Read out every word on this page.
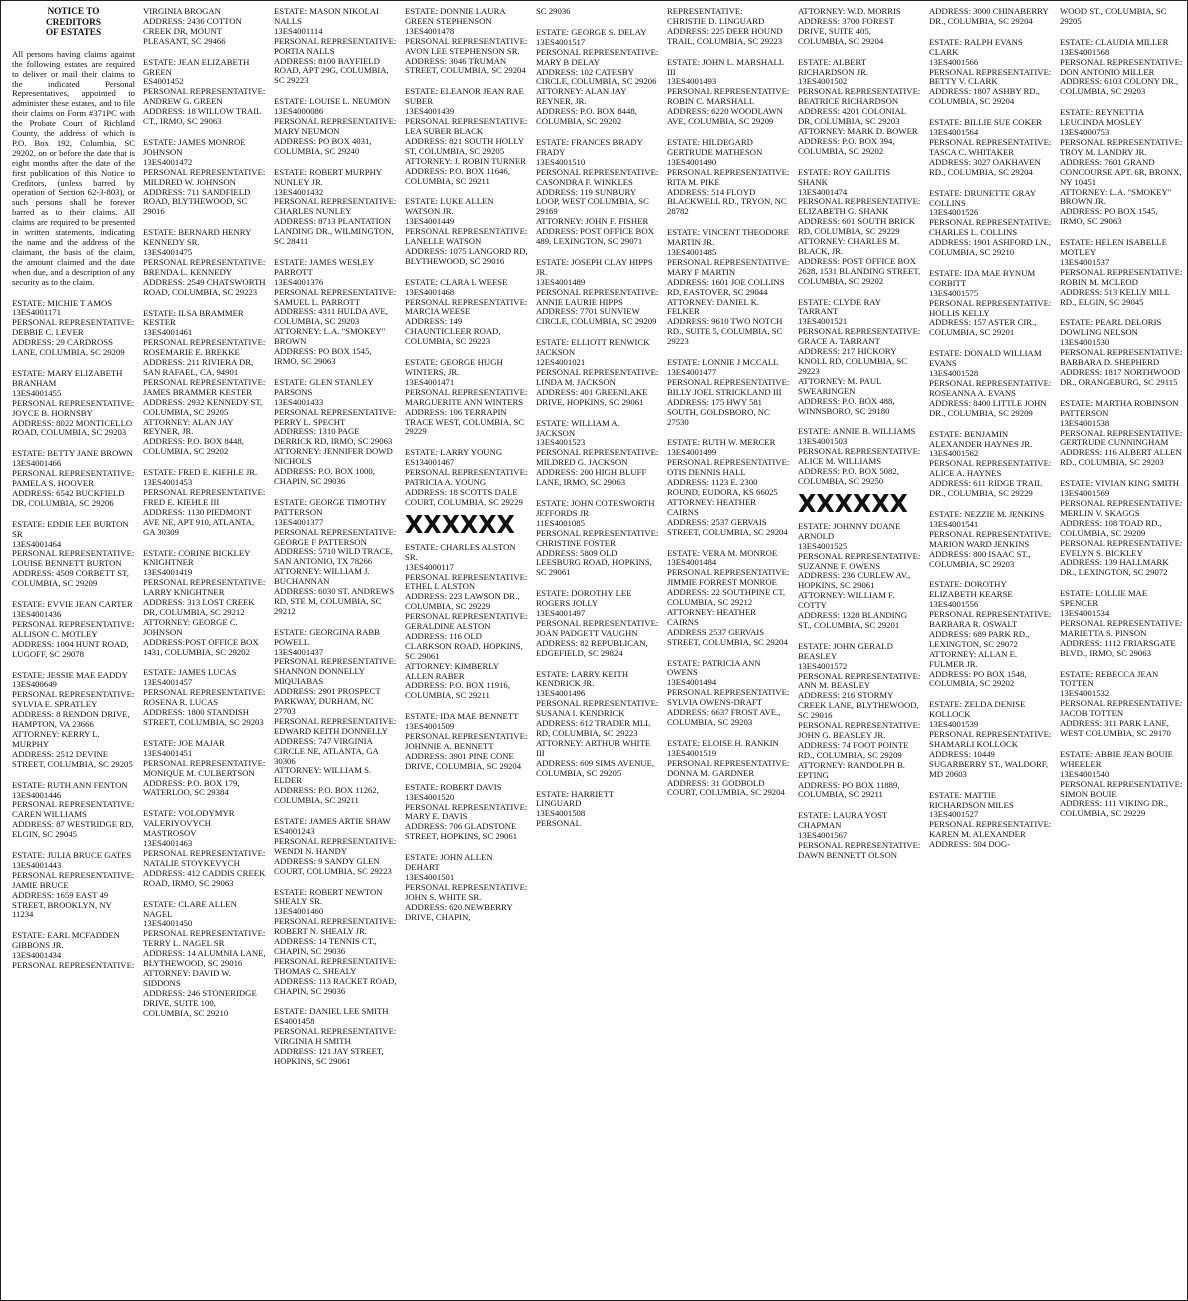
NOTICE TO
CREDITORS
OF ESTATES
All persons having claims against the following estates are required to deliver or mail their claims to the indicated Personal Representatives, appointed to administer these estates, and to file their claims on Form #371PC with the Probate Court of Richland County, the address of which is P.O. Box 192, Columbia, SC 29202, on or before the date that is eight months after the date of the first publication of this Notice to Creditors, (unless barred by operation of Section 62-3-803), or such persons shall be forever barred as to their claims. All claims are required to be presented in written statements, indicating the name and the address of the claimant, the basis of the claim, the amount claimed and the date when due, and a description of any security as to the claim.
ESTATE: MICHIE T AMOS
13ES4001171
PERSONAL REPRESENTATIVE:
DEBBIE C. LEVER
ADDRESS: 29 CARDROSS LANE, COLUMBIA, SC 29209
ESTATE: MARY ELIZABETH BRANHAM
13ES4001455
PERSONAL REPRESENTATIVE:
JOYCE B. HORNSBY
ADDRESS: 8022 MONTICELLO ROAD, COLUMBIA, SC 29203
ESTATE: BETTY JANE BROWN
13ES4001466
PERSONAL REPRESENTATIVE:
PAMELA S. HOOVER
ADDRESS: 6542 BUCKFIELD DR, COLUMBIA, SC 29206
ESTATE: EDDIE LEE BURTON SR
13ES4001464
PERSONAL REPRESENTATIVE:
LOUISE BENNETT BURTON
ADDRESS: 4509 CORBETT ST, COLUMBIA, SC 29209
ESTATE: EVVIE JEAN CARTER
13ES4001436
PERSONAL REPRESENTATIVE:
ALLISON C. MOTLEY
ADDRESS: 1004 HUNT ROAD, LUGOFF, SC 29078
ESTATE: JESSIE MAE EADDY
13ES400649
PERSONAL REPRESENTATIVE:
SYLVIA E. SPRATLEY
ADDRESS: 8 RENDON DRIVE, HAMPTON, VA 23666
ATTORNEY: KERRY L. MURPHY
ADDRESS: 2512 DEVINE STREET, COLUMBIA, SC 29205
ESTATE: RUTH ANN FENTON
13ES4001446
PERSONAL REPRESENTATIVE:
CAREN WILLIAMS
ADDRESS: 87 WESTRIDGE RD, ELGIN, SC 29045
ESTATE: JULIA BRUCE GATES
13ES4001443
PERSONAL REPRESENTATIVE:
JAMIE BRUCE
ADDRESS: 1659 EAST 49 STREET, BROOKLYN, NY 11234
ESTATE: EARL MCFADDEN GIBBONS JR.
13ES4001434
PERSONAL REPRESENTATIVE:
VIRGINIA BROGAN
ADDRESS: 2436 COTTON CREEK DR, MOUNT PLEASANT, SC 29466
ESTATE: JEAN ELIZABETH GREEN
ES4001452
PERSONAL REPRESENTATIVE:
ANDREW G. GREEN
ADDRESS: 18 WILLOW TRAIL CT., IRMO, SC 29063
ESTATE: JAMES MONROE JOHNSON
13ES4001472
PERSONAL REPRESENTATIVE:
MILDRED W. JOHNSON
ADDRESS: 711 SANDFIELD ROAD, BLYTHEWOOD, SC 29016
ESTATE: BERNARD HENRY KENNEDY SR.
13ES4001475
PERSONAL REPRESENTATIVE:
BRENDA L. KENNEDY
ADDRESS: 2549 CHATSWORTH ROAD, COLUMBIA, SC 29223
ESTATE: ILSA BRAMMER KESTER
13ES4001461
PERSONAL REPRESENTATIVE:
ROSEMARIE E. BREKKE
ADDRESS: 211 RIVIERA DR, SAN RAFAEL, CA, 94901
PERSONAL REPRESENTATIVE:
JAMES BRAMMER KESTER
ADDRESS: 2932 KENNEDY ST, COLUMBIA, SC 29205
ATTORNEY: ALAN JAY REYNER, JR.
ADDRESS: P.O. BOX 8448, COLUMBIA, SC 29202
ESTATE: FRED E. KIEHLE JR.
13ES4001453
PERSONAL REPRESENTATIVE:
FRED E. KIEHLE III
ADDRESS: 1130 PIEDMONT AVE NE, APT 910, ATLANTA, GA 30309
ESTATE: CORINE BICKLEY KNIGHTNER
13ES4001419
PERSONAL REPRESENTATIVE:
LARRY KNIGHTNER
ADDRESS: 313 LOST CREEK DR, COLUMBIA, SC 29212
ATTORNEY: GEORGE C. JOHNSON
ADDRESS:POST OFFICE BOX 1431, COLUMBIA, SC 29202
ESTATE: JAMES LUCAS
13ES4001457
PERSONAL REPRESENTATIVE:
ROSENA R. LUCAS
ADDRESS: 1800 STANDISH STREET, COLUMBIA, SC 29203
ESTATE: JOE MAJAR
13ES4001451
PERSONAL REPRESENTATIVE:
MONIQUE M. CULBERTSON
ADDRESS: P.O. BOX 179, WATERLOO, SC 29384
ESTATE: VOLODYMYR VALERIYOVYCH MASTROSOV
13ES4001463
PERSONAL REPRESENTATIVE:
NATALIE STOYKEVYCH
ADDRESS: 412 CADDIS CREEK ROAD, IRMO, SC 29063
ESTATE: CLARE ALLEN NAGEL
13ES4001450
PERSONAL REPRESENTATIVE:
TERRY L. NAGEL SR
ADDRESS: 14 ALUMNIA LANE, BLYTHEWOOD, SC 29016
ATTORNEY: DAVID W. SIDDONS
ADDRESS: 246 STONERIDGE DRIVE, SUITE 100, COLUMBIA, SC 29210
ESTATE: MASON NIKOLAI NALLS
13ES4001114
PERSONAL REPRESENTATIVE:
PORTIA NALLS
ADDRESS: 8100 BAYFIELD ROAD, APT 29G, COLUMBIA, SC 29223
ESTATE: LOUISE L. NEUMON
13ES4000086
PERSONAL REPRESENTATIVE:
MARY NEUMON
ADDRESS: PO BOX 4031, COLUMBIA, SC 29240
ESTATE: ROBERT MURPHY NUNLEY JR.
13ES4001432
PERSONAL REPRESENTATIVE:
CHARLES NUNLEY
ADDRESS: 8713 PLANTATION LANDING DR., WILMINGTON, SC 28411
ESTATE: JAMES WESLEY PARROTT
13ES4001376
PERSONAL REPRESENTATIVE:
SAMUEL L. PARROTT
ADDRESS: 4311 HULDA AVE, COLUMBIA, SC 29203
ATTORNEY: L.A. "SMOKEY" BROWN
ADDRESS: PO BOX 1545, IRMO, SC 29063
ESTATE: GLEN STANLEY PARSONS
13ES4001433
PERSONAL REPRESENTATIVE:
PERRY L. SPECHT
ADDRESS: 1310 PAGE DERRICK RD, IRMO, SC 29063
ATTORNEY: JENNIFER DOWD NICHOLS
ADDRESS: P.O. BOX 1000, CHAPIN, SC 29036
ESTATE: GEORGE TIMOTHY PATTERSON
13ES4001377
PERSONAL REPRESENTATIVE:
GEORGE F PATTERSON
ADDRESS: 5710 WILD TRACE, SAN ANTONIO, TX 78266
ATTORNEY: WILLIAM J. BUCHANNAN
ADDRESS: 6030 ST. ANDREWS RD, STE M, COLUMBIA, SC 29212
ESTATE: GEORGINA RABB POWELL
13ES4001437
PERSONAL REPRESENTATIVE:
SHANNON DONNELLY MIQUIABAS
ADDRESS: 2901 PROSPECT PARKWAY, DURHAM, NC 27703
PERSONAL REPRESENTATIVE:
EDWARD KEITH DONNELLY
ADDRESS: 747 VIRGINIA CIRCLE NE, ATLANTA, GA 30306
ATTORNEY: WILLIAM S. ELDER
ADDRESS: P.O. BOX 11262, COLUMBIA, SC 29211
ESTATE: JAMES ARTIE SHAW
ES4001243
PERSONAL REPRESENTATIVE:
WENDI N. HANDY
ADDRESS: 9 SANDY GLEN COURT, COLUMBIA, SC 29223
ESTATE: ROBERT NEWTON SHEALY SR.
13ES4001460
PERSONAL REPRESENTATIVE:
ROBERT N. SHEALY JR.
ADDRESS: 14 TENNIS CT., CHAPIN, SC 29036
PERSONAL REPRESENTATIVE:
THOMAS C. SHEALY
ADDRESS: 113 RACKET ROAD, CHAPIN, SC 29036
ESTATE: DANIEL LEE SMITH
ES4001458
PERSONAL REPRESENTATIVE:
VIRGINIA H SMITH
ADDRESS: 121 JAY STREET, HOPKINS, SC 29061
ESTATE: DONNIE LAURA GREEN STEPHENSON
13ES4001478
PERSONAL REPRESENTATIVE:
AVON LEE STEPHENSON SR.
ADDRESS: 3046 TRUMAN STREET, COLUMBIA, SC 29204
ESTATE: ELEANOR JEAN RAE SUBER
13ES4001439
PERSONAL REPRESENTATIVE:
LEA SUBER BLACK
ADDRESS: 821 SOUTH HOLLY ST, COLUMBIA, SC 29205
ATTORNEY: J. ROBIN TURNER
ADDRESS: P.O. BOX 11646, COLUMBIA, SC 29211
ESTATE: LUKE ALLEN WATSON JR.
13ES4001449
PERSONAL REPRESENTATIVE:
LANELLE WATSON
ADDRESS: 1075 LANGORD RD, BLYTHEWOOD, SC 29016
ESTATE: CLARA I. WEESE
13ES4001468
PERSONAL REPRESENTATIVE:
MARCIA WEESE
ADDRESS: 149 CHAUNTICLEER ROAD, COLUMBIA, SC 29223
ESTATE: GEORGE HUGH WINTERS, JR.
13ES4001471
PERSONAL REPRESENTATIVE:
MARGUERITE ANN WINTERS
ADDRESS: 106 TERRAPIN TRACE WEST, COLUMBIA, SC 29229
ESTATE: LARRY YOUNG
ES134001467
PERSONAL REPRESENTATIVE:
PATRICIA A. YOUNG
ADDRESS: 18 SCOTTS DALE COURT, COLUMBIA, SC 29229
XXXXXX
ESTATE: CHARLES ALSTON SR.
13ES4000117
PERSONAL REPRESENTATIVE:
ETHEL L ALSTON
ADDRESS: 223 LAWSON DR., COLUMBIA, SC 29229
PERSONAL REPRESENTATIVE:
GERALDINE ALSTON
ADDRESS: 116 OLD CLARKSON ROAD, HOPKINS, SC 29061
ATTORNEY: KIMBERLY ALLEN RABER
ADDRESS: P.O. BOX 11916, COLUMBIA, SC 29211
ESTATE: IDA MAE BENNETT
13ES4001509
PERSONAL REPRESENTATIVE:
JOHNNIE A. BENNETT
ADDRESS: 3901 PINE CONE DRIVE, COLUMBIA, SC 29204
ESTATE: ROBERT DAVIS
13ES4001520
PERSONAL REPRESENTATIVE:
MARY E. DAVIS
ADDRESS: 706 GLADSTONE STREET, HOPKINS, SC 29061
ESTATE: JOHN ALLEN DEHART
13ES4001501
PERSONAL REPRESENTATIVE:
JOHN S. WHITE SR.
ADDRESS: 620 NEWBERRY DRIVE, CHAPIN,
SC 29036
ESTATE: GEORGE S. DELAY
13ES4001517
PERSONAL REPRESENTATIVE:
MARY B DELAY
ADDRESS: 102 CATESBY CIRCLE, COLUMBIA, SC 29206
ATTORNEY: ALAN JAY REYNER, JR.
ADDRESS: P.O. BOX 8448, COLUMBIA, SC 29202
ESTATE: FRANCES BRADY FRADY
13ES4001510
PERSONAL REPRESENTATIVE:
CASONDRA F. WINKLES
ADDRESS: 119 SUNBURY LOOP, WEST COLUMBIA, SC 29169
ATTORNEY: JOHN F. FISHER
ADDRESS: POST OFFICE BOX 489, LEXINGTON, SC 29071
ESTATE: JOSEPH CLAY HIPPS JR.
13ES4001489
PERSONAL REPRESENTATIVE:
ANNIE LAURIE HIPPS
ADDRESS: 7701 SUNVIEW CIRCLE, COLUMBIA, SC 29209
ESTATE: ELLIOTT RENWICK JACKSON
12ES4001021
PERSONAL REPRESENTATIVE:
LINDA M. JACKSON
ADDRESS: 401 GREENLAKE DRIVE, HOPKINS, SC 29061
ESTATE: WILLIAM A. JACKSON
13ES4001523
PERSONAL REPRESENTATIVE:
MILDRED G. JACKSON
ADDRESS: 200 HIGH BLUFF LANE, IRMO, SC 29063
ESTATE: JOHN COTESWORTH JEFFORDS JR
11ES4001085
PERSONAL REPRESENTATIVE:
CHRISTINE FOSTER
ADDRESS: 5809 OLD LEESBURG ROAD, HOPKINS, SC 29061
ESTATE: DOROTHY LEE ROGERS JOLLY
13ES4001497
PERSONAL REPRESENTATIVE:
JOAN PADGETT VAUGHN
ADDRESS: 82 REPUBLICAN, EDGEFIELD, SC 29824
ESTATE: LARRY KEITH KENDRICK JR.
13ES4001496
PERSONAL REPRESENTATIVE:
SUSANA I. KENDRICK
ADDRESS: 612 TRADER MLL RD, COLUMBIA, SC 29223
ATTORNEY: ARTHUR WHITE III
ADDRESS: 609 SIMS AVENUE, COLUMBIA, SC 29205
ESTATE: HARRIETT LINGUARD
13ES4001508
PERSONAL
REPRESENTATIVE:
CHRISTIE D. LINGUARD
ADDRESS: 225 DEER HOUND TRAIL, COLUMBIA, SC 29223
ESTATE: JOHN L. MARSHALL III
13ES4001493
PERSONAL REPRESENTATIVE:
ROBIN C. MARSHALL
ADDRESS: 6220 WOODLAWN AVE, COLUMBIA, SC 29209
ESTATE: HILDEGARD GERTRUDE MATHESON
13ES4001490
PERSONAL REPRESENTATIVE:
RITA M. PIKE
ADDRESS: 514 FLOYD BLACKWELL RD., TRYON, NC 28782
ESTATE: VINCENT THEODORE MARTIN JR.
13ES4001485
PERSONAL REPRESENTATIVE:
MARY F MARTIN
ADDRESS: 1601 JOE COLLINS RD, EASTOVER, SC 29044
ATTORNEY: DANIEL K. FELKER
ADDRESS: 9610 TWO NOTCH RD., SUITE 5, COLUMBIA, SC 29223
ESTATE: LONNIE J MCCALL
13ES4001477
PERSONAL REPRESENTATIVE:
BILLY JOEL STRICKLAND III
ADDRESS: 175 HWY 581 SOUTH, GOLDSBORO, NC 27530
ESTATE: RUTH W. MERCER
13ES4001499
PERSONAL REPRESENTATIVE:
OTIS DENNIS HALL
ADDRESS: 1123 E. 2300 ROUND, EUDORA, KS 66025
ATTORNEY: HEATHER CAIRNS
ADDRESS: 2537 GERVAIS STREET, COLUMBIA, SC 29204
ESTATE: VERA M. MONROE
13ES4001484
PERSONAL REPRESENTATIVE:
JIMMIE FORREST MONROE
ADDRESS: 22 SOUTHPINE CT, COLUMBIA, SC 29212
ATTORNEY: HEATHER CAIRNS
ADDRESS 2537 GERVAIS STREET, COLUMBIA, SC 29204
ESTATE: PATRICIA ANN OWENS
13ES4001494
PERSONAL REPRESENTATIVE:
SYLVIA OWENS-DRAFT
ADDRESS: 6637 FROST AVE., COLUMBIA, SC 29203
ESTATE: ELOISE H. RANKIN
13ES4001519
PERSONAL REPRESENTATIVE:
DONNA M. GARDNER
ADDRESS: 31 GODBOLD COURT, COLUMBIA, SC 29204
ATTORNEY: W.D. MORRIS
ADDRESS: 3700 FOREST DRIVE, SUITE 405, COLUMBIA, SC 29204
ESTATE: ALBERT RICHARDSON JR.
13ES4001502
PERSONAL REPRESENTATIVE:
BEATRICE RICHARDSON
ADDRESS: 4201 COLONIAL DR, COLUMBIA, SC 29203
ATTORNEY: MARK D. BOWER
ADDRESS: P.O. BOX 394, COLUMBIA, SC 29202
ESTATE: ROY GAILITIS SHANK
13ES4001474
PERSONAL REPRESENTATIVE:
ELIZABETH G. SHANK
ADDRESS: 601 SOUTH BRICK RD, COLUMBIA, SC 29229
ATTORNEY: CHARLES M. BLACK, JR.
ADDRESS: POST OFFICE BOX 2628, 1531 BLANDING STREET, COLUMBIA, SC 29202
ESTATE: CLYDE RAY TARRANT
13ES4001521
PERSONAL REPRESENTATIVE:
GRACE A. TARRANT
ADDRESS: 217 HICKORY KNOLL RD, COLUMBIA, SC 29223
ATTORNEY: M. PAUL SWEARINGEN
ADDRESS: P.O. BOX 488, WINNSBORO, SC 29180
ESTATE: ANNIE B. WILLIAMS
13ES4001503
PERSONAL REPRESENTATIVE:
ALICE M. WILLIAMS
ADDRESS: P.O. BOX 5082, COLUMBIA, SC 29250
XXXXXX
ESTATE: JOHNNY DUANE ARNOLD
13ES4001525
PERSONAL REPRESENTATIVE:
SUZANNE F. OWENS
ADDRESS: 236 CURLEW AV., HOPKINS, SC 29061
ATTORNEY: WILLIAM F. COTTY
ADDRESS: 1328 BLANDING ST., COLUMBIA, SC 29201
ESTATE: JOHN GERALD BEASLEY
13ES4001572
PERSONAL REPRESENTATIVE: ANN M. BEASLEY
ADDRESS: 216 STORMY CREEK LANE, BLYTHEWOOD, SC 29016
PERSONAL REPRESENTATIVE: JOHN G. BEASLEY JR.
ADDRESS: 74 FOOT POINTE RD., COLUMBIA, SC 29209
ATTORNEY: RANDOLPH B. EPTING
ADDRESS: PO BOX 11889, COLUMBIA, SC 29211
ESTATE: LAURA YOST CHAPMAN
13ES4001567
PERSONAL REPRESENTATIVE: DAWN BENNETT OLSON
ADDRESS: 3000 CHINABERRY DR., COLUMBIA, SC 29204
ESTATE: RALPH EVANS CLARK
13ES4001566
PERSONAL REPRESENTATIVE: BETTY V. CLARK
ADDRESS: 1807 ASHBY RD., COLUMBIA, SC 29204
ESTATE: BILLIE SUE COKER
13ES4001564
PERSONAL REPRESENTATIVE: TASCA C. WHITAKER
ADDRESS: 3027 OAKHAVEN RD., COLUMBIA, SC 29204
ESTATE: DRUNETTE GRAY COLLINS
13ES4001526
PERSONAL REPRESENTATIVE:
CHARLES L. COLLINS
ADDRESS: 1901 ASHFORD LN., COLUMBIA, SC 29210
ESTATE: IDA MAE BYNUM CORBITT
13ES4001575
PERSONAL REPRESENTATIVE: HOLLIS KELLY
ADDRESS: 157 ASTER CIR., COLUMBIA, SC 29201
ESTATE: DONALD WILLIAM EVANS
13ES4001528
PERSONAL REPRESENTATIVE:
ROSEANNA A. EVANS
ADDRESS: 8400 LITTLE JOHN DR., COLUMBIA, SC 29209
ESTATE: BENJAMIN ALEXANDER HAYNES JR.
13ES4001562
PERSONAL REPRESENTATIVE: ALICE A. HAYNES
ADDRESS: 611 RIDGE TRAIL DR., COLUMBIA, SC 29229
ESTATE: NEZZIE M. JENKINS
13ES4001541
PERSONAL REPRESENTATIVE: MARION WARD JENKINS
ADDRESS: 800 ISAAC ST., COLUMBIA, SC 29203
ESTATE: DOROTHY ELIZABETH KEARSE
13ES4001556
PERSONAL REPRESENTATIVE: BARBARA R. OSWALT
ADDRESS: 689 PARK RD., LEXINGTON, SC 29072
ATTORNEY: ALLAN E. FULMER JR.
ADDRESS: PO BOX 1548, COLUMBIA, SC 29202
ESTATE: ZELDA DENISE KOLLOCK
13ES4001539
PERSONAL REPRESENTATIVE:
SHAMARLI KOLLOCK
ADDRESS: 10449 SUGARBERRY ST., WALDORF, MD 20603
ESTATE: MATTIE RICHARDSON MILES
13ES4001527
PERSONAL REPRESENTATIVE:
KAREN M. ALEXANDER
ADDRESS: 504 DOG-
WOOD ST., COLUMBIA, SC 29205
ESTATE: CLAUDIA MILLER
13ES4001568
PERSONAL REPRESENTATIVE: DON ANTONIO MILLER
ADDRESS: 6103 COLONY DR., COLUMBIA, SC 29203
ESTATE: REYNETTIA LEUCINDA MOSLEY
13ES4000753
PERSONAL REPRESENTATIVE: TROY M. LANDRY JR.
ADDRESS: 7601 GRAND CONCOURSE APT. 6R, BRONX, NY 10451
ATTORNEY: L.A. "SMOKEY" BROWN JR.
ADDRESS: PO BOX 1545, IRMO, SC 29063
ESTATE: HELEN ISABELLE MOTLEY
13ES4001537
PERSONAL REPRESENTATIVE: ROBIN M. MCLEOD
ADDRESS: 513 KELLY MILL RD., ELGIN, SC 29045
ESTATE: PEARL DELORIS DOWLING NELSON
13ES4001530
PERSONAL REPRESENTATIVE: BARBARA D. SHEPHERD
ADDRESS: 1817 NORTHWOOD DR., ORANGEBURG, SC 29115
ESTATE: MARTHA ROBINSON PATTERSON
13ES4001538
PERSONAL REPRESENTATIVE: GERTRUDE CUNNINGHAM
ADDRESS: 116 ALBERT ALLEN RD., COLUMBIA, SC 29203
ESTATE: VIVIAN KING SMITH
13ES4001569
PERSONAL REPRESENTATIVE: MERLIN V. SKAGGS
ADDRESS: 108 TOAD RD., COLUMBIA, SC 29209
PERSONAL REPRESENTATIVE: EVELYN S. BICKLEY
ADDRESS: 139 HALLMARK DR., LEXINGTON, SC 29072
ESTATE: LOLLIE MAE SPENCER
13ES4001534
PERSONAL REPRESENTATIVE: MARIETTA S. PINSON
ADDRESS: 1112 FRIARSGATE BLVD., IRMO, SC 29063
ESTATE: REBECCA JEAN TOTTEN
13ES4001532
PERSONAL REPRESENTATIVE: JACOB TOTTEN
ADDRESS: 311 PARK LANE, WEST COLUMBIA, SC 29170
ESTATE: ABBIE JEAN BOUIE WHEELER
13ES4001540
PERSONAL REPRESENTATIVE: SIMON BOUIE
ADDRESS: 111 VIKING DR., COLUMBIA, SC 29229
